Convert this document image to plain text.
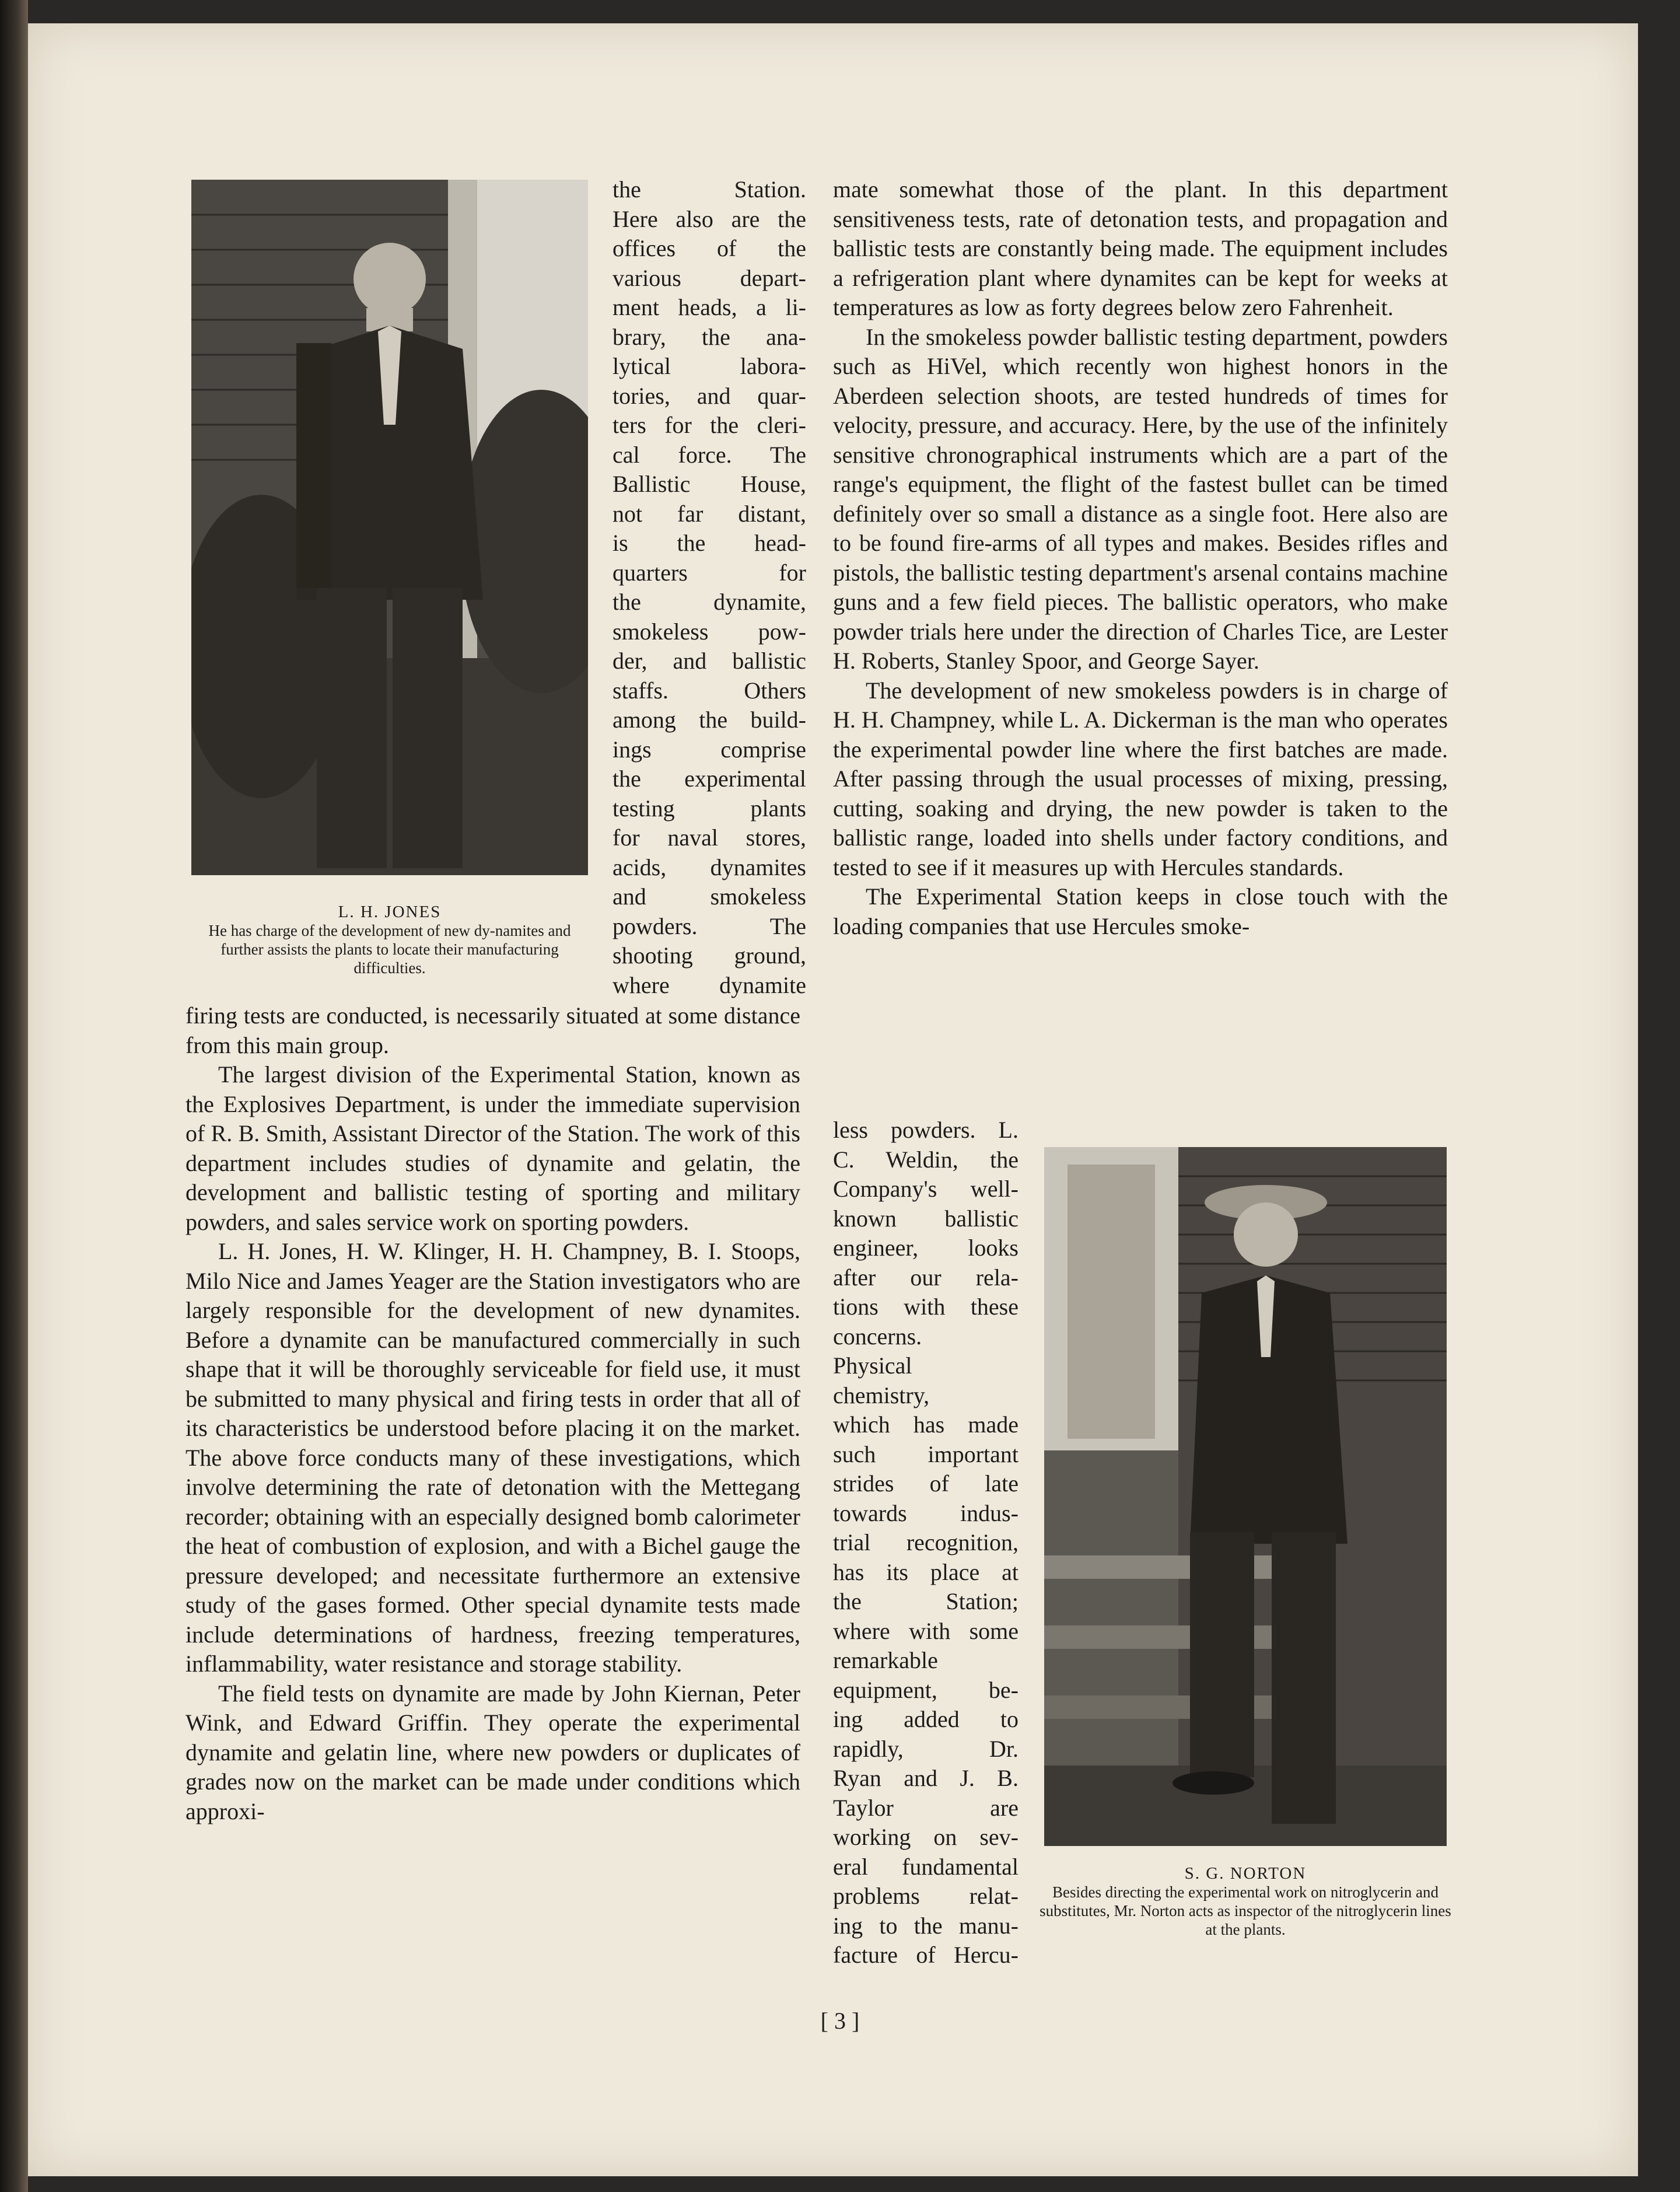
L. H. JONES
He has charge of the development of new dy-namites and further assists the plants to locate their manufacturing difficulties.
the Station.
Here also are the
offices of the
various depart-
ment heads, a li-
brary, the ana-
lytical labora-
tories, and quar-
ters for the cleri-
cal force. The
Ballistic House,
not far distant,
is the head-
quarters for
the dynamite,
smokeless pow-
der, and ballistic
staffs. Others
among the build-
ings comprise
the experimental
testing plants
for naval stores,
acids, dynamites
and smokeless
powders. The
shooting ground,
where dynamite

firing tests are conducted, is necessarily situated at some distance from this main group.

The largest division of the Experimental Station, known as the Explosives Department, is under the immediate supervision of R. B. Smith, Assistant Director of the Station. The work of this department includes studies of dynamite and gelatin, the development and ballistic testing of sporting and military powders, and sales service work on sporting powders.

L. H. Jones, H. W. Klinger, H. H. Champney, B. I. Stoops, Milo Nice and James Yeager are the Station investigators who are largely responsible for the development of new dynamites. Before a dynamite can be manufactured commercially in such shape that it will be thoroughly serviceable for field use, it must be submitted to many physical and firing tests in order that all of its characteristics be understood before placing it on the market. The above force conducts many of these investigations, which involve determining the rate of detonation with the Mettegang recorder; obtaining with an especially designed bomb calorimeter the heat of combustion of explosion, and with a Bichel gauge the pressure developed; and necessitate furthermore an extensive study of the gases formed. Other special dynamite tests made include determinations of hardness, freezing temperatures, inflammability, water resistance and storage stability.

The field tests on dynamite are made by John Kiernan, Peter Wink, and Edward Griffin. They operate the experimental dynamite and gelatin line, where new powders or duplicates of grades now on the market can be made under conditions which approxi-

mate somewhat those of the plant. In this department sensitiveness tests, rate of detonation tests, and propagation and ballistic tests are constantly being made. The equipment includes a refrigeration plant where dynamites can be kept for weeks at temperatures as low as forty degrees below zero Fahrenheit.

In the smokeless powder ballistic testing department, powders such as HiVel, which recently won highest honors in the Aberdeen selection shoots, are tested hundreds of times for velocity, pressure, and accuracy. Here, by the use of the infinitely sensitive chronographical instruments which are a part of the range's equipment, the flight of the fastest bullet can be timed definitely over so small a distance as a single foot. Here also are to be found fire-arms of all types and makes. Besides rifles and pistols, the ballistic testing department's arsenal contains machine guns and a few field pieces. The ballistic operators, who make powder trials here under the direction of Charles Tice, are Lester H. Roberts, Stanley Spoor, and George Sayer.

The development of new smokeless powders is in charge of H. H. Champney, while L. A. Dickerman is the man who operates the experimental powder line where the first batches are made. After passing through the usual processes of mixing, pressing, cutting, soaking and drying, the new powder is taken to the ballistic range, loaded into shells under factory conditions, and tested to see if it measures up with Hercules standards.

The Experimental Station keeps in close touch with the loading companies that use Hercules smoke-

less powders. L.
C. Weldin, the
Company's well-
known ballistic
engineer, looks
after our rela-
tions with these
concerns.
Physical
chemistry,
which has made
such important
strides of late
towards indus-
trial recognition,
has its place at
the Station;
where with some
remarkable
equipment, be-
ing added to
rapidly, Dr.
Ryan and J. B.
Taylor are
working on sev-
eral fundamental
problems relat-
ing to the manu-
facture of Hercu-
S. G. NORTON
Besides directing the experimental work on nitroglycerin and substitutes, Mr. Norton acts as inspector of the nitroglycerin lines at the plants.
[ 3 ]
